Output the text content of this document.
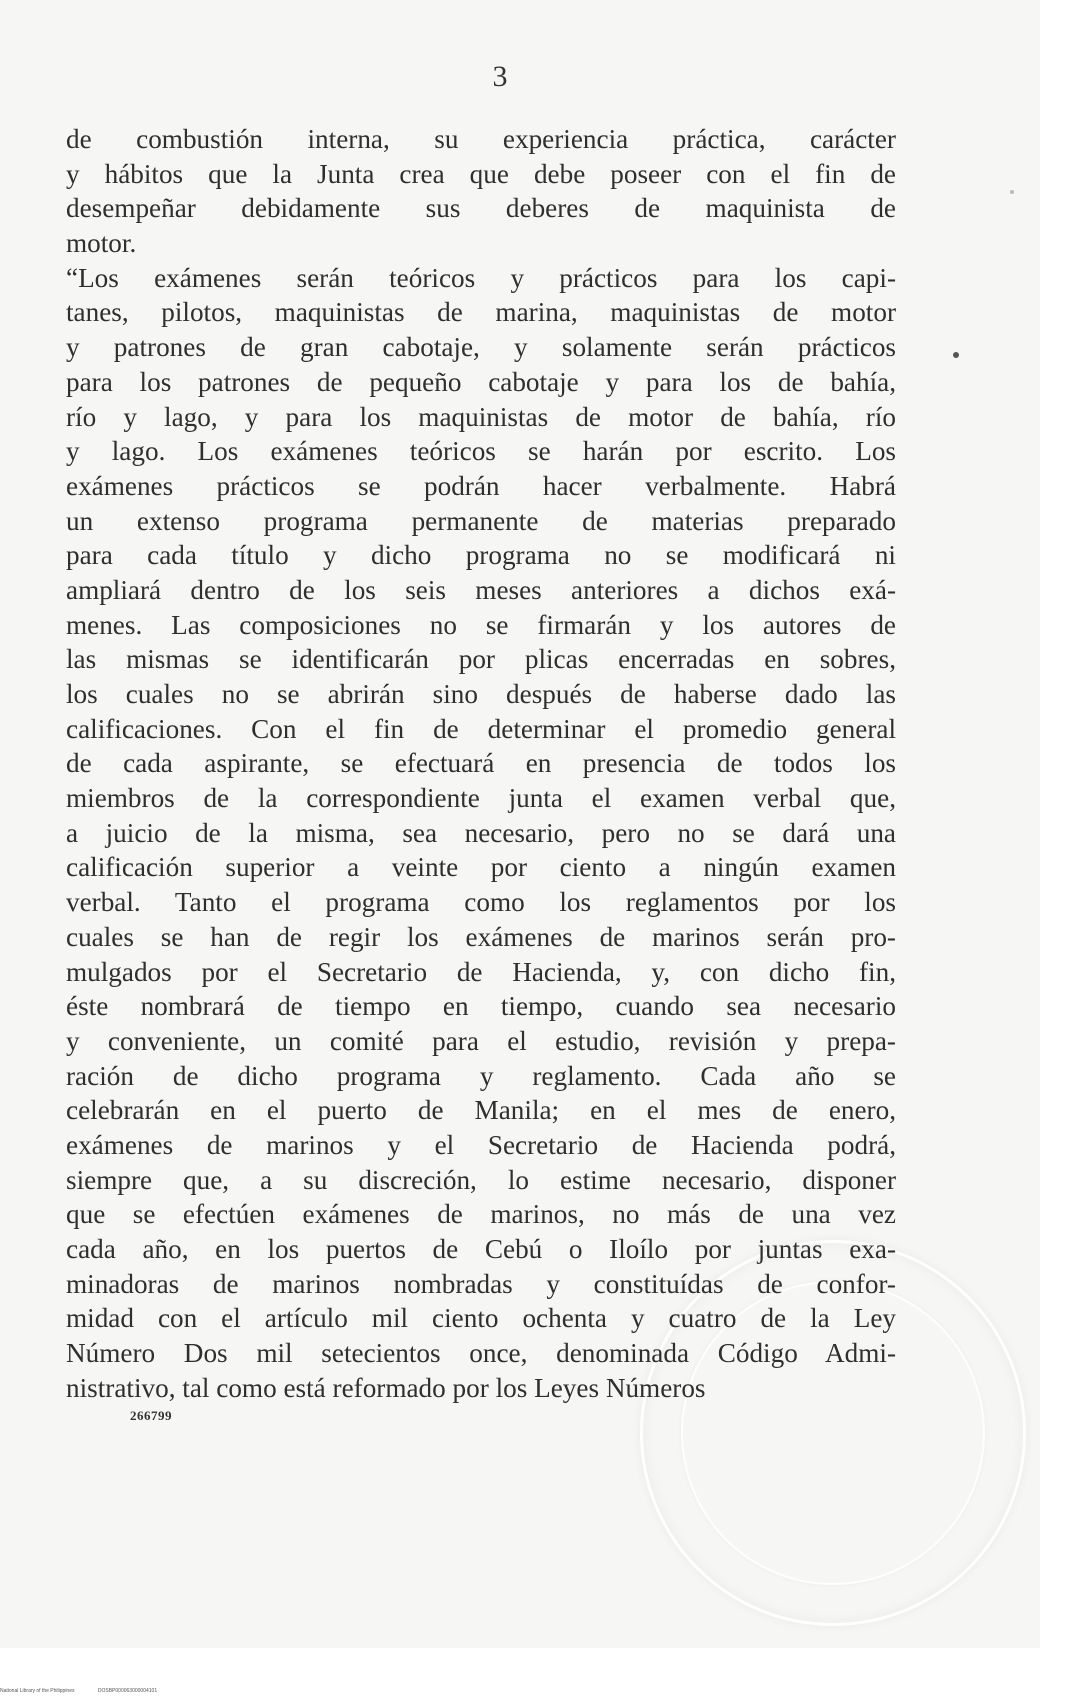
3
de combustión interna, su experiencia práctica, carácter
y hábitos que la Junta crea que debe poseer con el fin de
desempeñar debidamente sus deberes de maquinista de
motor.
“Los exámenes serán teóricos y prácticos para los capi-
tanes, pilotos, maquinistas de marina, maquinistas de motor
y patrones de gran cabotaje, y solamente serán prácticos
para los patrones de pequeño cabotaje y para los de bahía,
río y lago, y para los maquinistas de motor de bahía, río
y lago. Los exámenes teóricos se harán por escrito. Los
exámenes prácticos se podrán hacer verbalmente. Habrá
un extenso programa permanente de materias preparado
para cada título y dicho programa no se modificará ni
ampliará dentro de los seis meses anteriores a dichos exá-
menes. Las composiciones no se firmarán y los autores de
las mismas se identificarán por plicas encerradas en sobres,
los cuales no se abrirán sino después de haberse dado las
calificaciones. Con el fin de determinar el promedio general
de cada aspirante, se efectuará en presencia de todos los
miembros de la correspondiente junta el examen verbal que,
a juicio de la misma, sea necesario, pero no se dará una
calificación superior a veinte por ciento a ningún examen
verbal. Tanto el programa como los reglamentos por los
cuales se han de regir los exámenes de marinos serán pro-
mulgados por el Secretario de Hacienda, y, con dicho fin,
éste nombrará de tiempo en tiempo, cuando sea necesario
y conveniente, un comité para el estudio, revisión y prepa-
ración de dicho programa y reglamento. Cada año se
celebrarán en el puerto de Manila; en el mes de enero,
exámenes de marinos y el Secretario de Hacienda podrá,
siempre que, a su discreción, lo estime necesario, disponer
que se efectúen exámenes de marinos, no más de una vez
cada año, en los puertos de Cebú o Iloílo por juntas exa-
minadoras de marinos nombradas y constituídas de confor-
midad con el artículo mil ciento ochenta y cuatro de la Ley
Número Dos mil setecientos once, denominada Código Admi-
nistrativo, tal como está reformado por los Leyes Números
266799
National Library of the Philippines	DOSBP000063000004101
